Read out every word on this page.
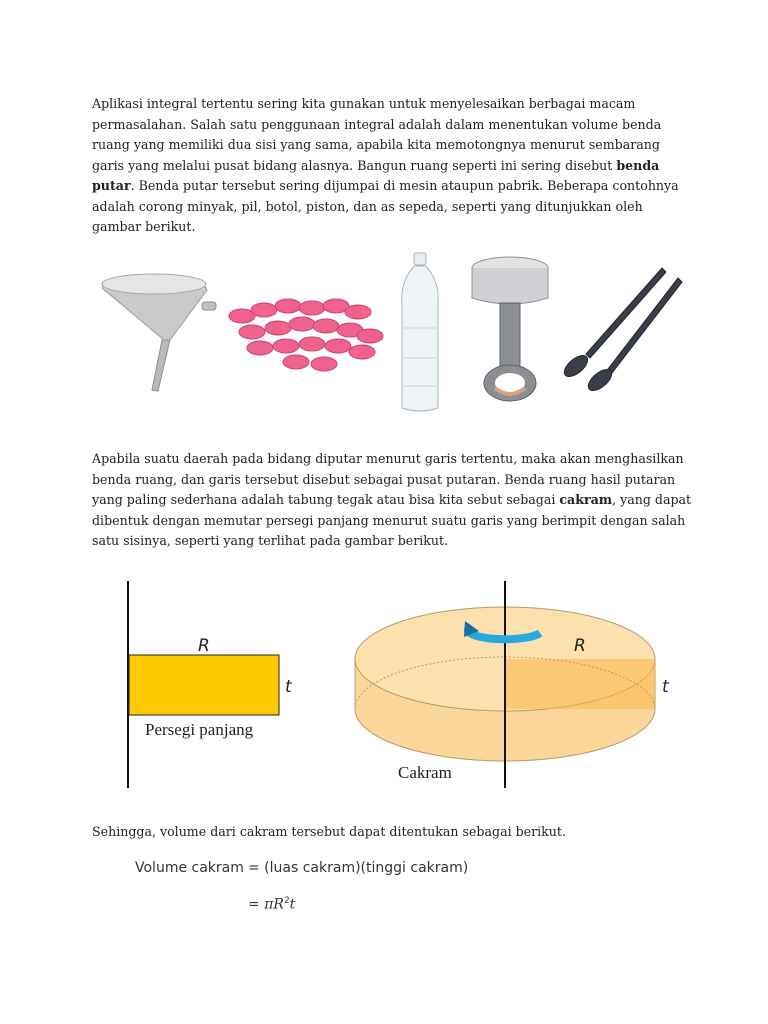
Aplikasi integral tertentu sering kita gunakan untuk menyelesaikan berbagai macam permasalahan. Salah satu penggunaan integral adalah dalam menentukan volume benda ruang yang memiliki dua sisi yang sama, apabila kita memotongnya menurut sembarang garis yang melalui pusat bidang alasnya. Bangun ruang seperti ini sering disebut benda putar. Benda putar tersebut sering dijumpai di mesin ataupun pabrik. Beberapa contohnya adalah corong minyak, pil, botol, piston, dan as sepeda, seperti yang ditunjukkan oleh gambar berikut.

Apabila suatu daerah pada bidang diputar menurut garis tertentu, maka akan menghasilkan benda ruang, dan garis tersebut disebut sebagai pusat putaran. Benda ruang hasil putaran yang paling sederhana adalah tabung tegak atau bisa kita sebut sebagai cakram, yang dapat dibentuk dengan memutar persegi panjang menurut suatu garis yang berimpit dengan salah satu sisinya, seperti yang terlihat pada gambar berikut.

R
t
Persegi panjang
R
t
Cakram

Sehingga, volume dari cakram tersebut dapat ditentukan sebagai berikut.

Volume cakram = (luas cakram)(tinggi cakram)
= $\pi R^2t$
